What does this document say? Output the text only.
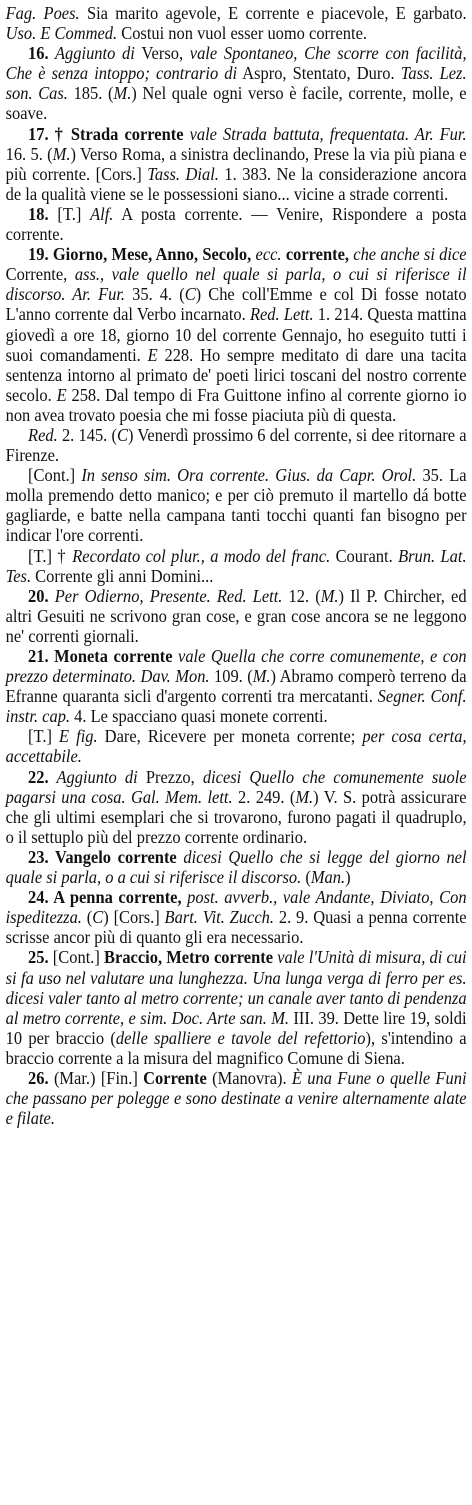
Fag. Poes. Sia marito agevole, E corrente e piacevole, E garbato. Uso. E Commed. Costui non vuol esser uomo corrente.

16. Aggiunto di Verso, vale Spontaneo, Che scorre con facilità, Che è senza intoppo; contrario di Aspro, Stentato, Duro. Tass. Lez. son. Cas. 185. (M.) Nel quale ogni verso è facile, corrente, molle, e soave.

17. † Strada corrente vale Strada battuta, frequentata. Ar. Fur. 16. 5. (M.) Verso Roma, a sinistra declinando, Prese la via più piana e più corrente. [Cors.] Tass. Dial. 1. 383. Ne la considerazione ancora de la qualità viene se le possessioni siano... vicine a strade correnti.

18. [T.] Alf. A posta corrente. — Venire, Rispondere a posta corrente.

19. Giorno, Mese, Anno, Secolo, ecc. corrente, che anche si dice Corrente, ass., vale quello nel quale si parla, o cui si riferisce il discorso. Ar. Fur. 35. 4. (C) Che coll'Emme e col Di fosse notato L'anno corrente dal Verbo incarnato. Red. Lett. 1. 214. Questa mattina giovedì a ore 18, giorno 10 del corrente Gennajo, ho eseguito tutti i suoi comandamenti. E 228. Ho sempre meditato di dare una tacita sentenza intorno al primato de' poeti lirici toscani del nostro corrente secolo. E 258. Dal tempo di Fra Guittone infino al corrente giorno io non avea trovato poesia che mi fosse piaciuta più di questa.

Red. 2. 145. (C) Venerdì prossimo 6 del corrente, si dee ritornare a Firenze.

[Cont.] In senso sim. Ora corrente. Gius. da Capr. Orol. 35. La molla premendo detto manico; e per ciò premuto il martello dá botte gagliarde, e batte nella campana tanti tocchi quanti fan bisogno per indicar l'ore correnti.

[T.] † Recordato col plur., a modo del franc. Courant. Brun. Lat. Tes. Corrente gli anni Domini...

20. Per Odierno, Presente. Red. Lett. 12. (M.) Il P. Chircher, ed altri Gesuiti ne scrivono gran cose, e gran cose ancora se ne leggono ne' correnti giornali.

21. Moneta corrente vale Quella che corre comunemente, e con prezzo determinato. Dav. Mon. 109. (M.) Abramo comperò terreno da Efranne quaranta sicli d'argento correnti tra mercatanti. Segner. Conf. instr. cap. 4. Le spacciano quasi monete correnti.

[T.] E fig. Dare, Ricevere per moneta corrente; per cosa certa, accettabile.

22. Aggiunto di Prezzo, dicesi Quello che comunemente suole pagarsi una cosa. Gal. Mem. lett. 2. 249. (M.) V. S. potrà assicurare che gli ultimi esemplari che si trovarono, furono pagati il quadruplo, o il settuplo più del prezzo corrente ordinario.

23. Vangelo corrente dicesi Quello che si legge del giorno nel quale si parla, o a cui si riferisce il discorso. (Man.)

24. A penna corrente, post. avverb., vale Andante, Diviato, Con ispeditezza. (C) [Cors.] Bart. Vit. Zucch. 2. 9. Quasi a penna corrente scrisse ancor più di quanto gli era necessario.

25. [Cont.] Braccio, Metro corrente vale l'Unità di misura, di cui si fa uso nel valutare una lunghezza. Una lunga verga di ferro per es. dicesi valer tanto al metro corrente; un canale aver tanto di pendenza al metro corrente, e sim. Doc. Arte san. M. III. 39. Dette lire 19, soldi 10 per braccio (delle spalliere e tavole del refettorio), s'intendino a braccio corrente a la misura del magnifico Comune di Siena.

26. (Mar.) [Fin.] Corrente (Manovra). È una Fune o quelle Funi che passano per polegge e sono destinate a venire alternamente alate e filate.
